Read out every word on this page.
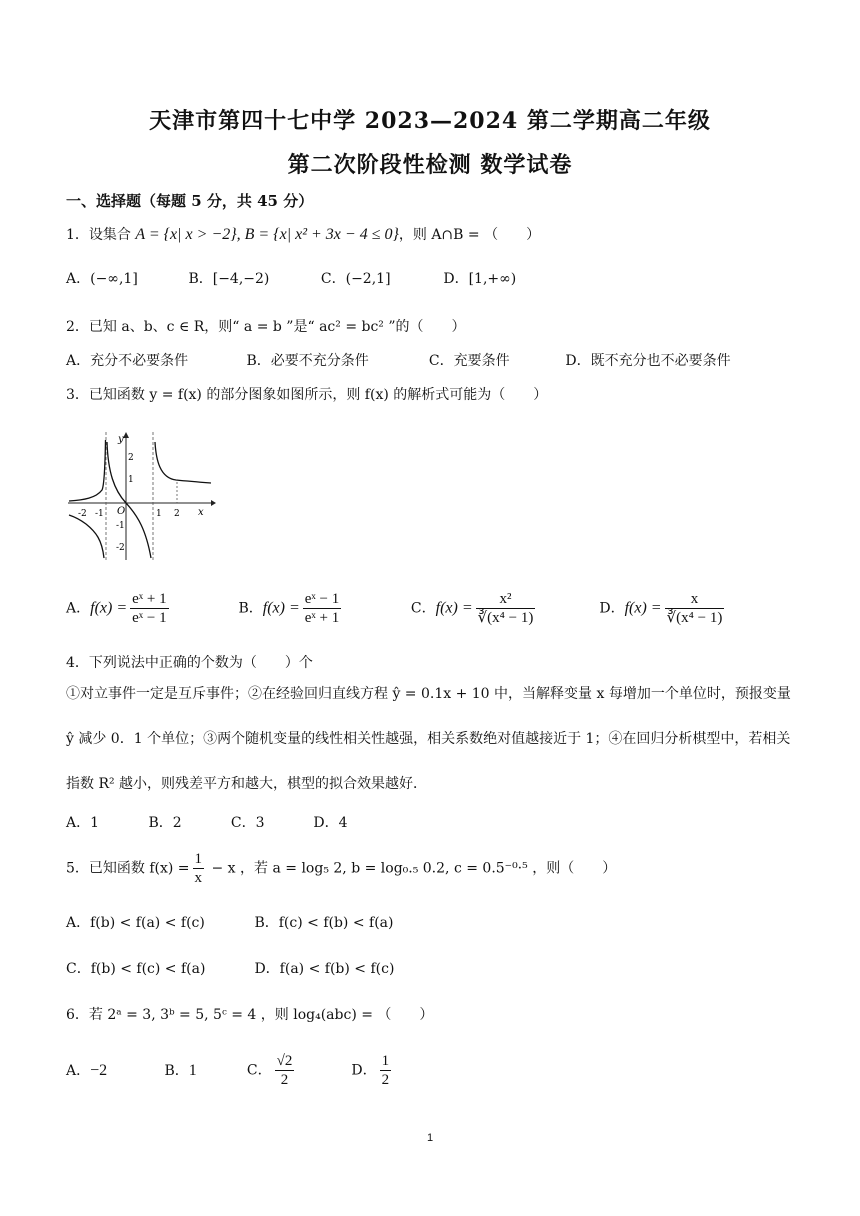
天津市第四十七中学 2023—2024 第二学期高二年级
第二次阶段性检测 数学试卷
一、选择题（每题 5 分，共 45 分）
1．设集合 A = {x| x > −2}, B = {x| x² + 3x − 4 ≤ 0}，则 A∩B = （　　）
A．(−∞,1]	B．[−4,−2)	C．(−2,1]	D．[1,+∞)
2．已知 a、b、c ∈ R，则“ a = b ”是“ ac² = bc² ”的（　　）
A．充分不必要条件	B．必要不充分条件	C．充要条件	D．既不充分也不必要条件
3．已知函数 y = f(x) 的部分图象如图所示，则 f(x) 的解析式可能为（　　）
y
x
O
-2 -1	1 2
2
1
-1
-2
A．$f(x) = \frac{\text{eˣ + 1}}{\text{eˣ − 1}}$	B．$f(x) = \frac{\text{eˣ − 1}}{\text{eˣ + 1}}$	C．$f(x) = \frac{\text{x²}}{\text{∛(x⁴ − 1)}}$	D．$f(x) = \frac{x}{\text{∛(x⁴ − 1)}}$
4．下列说法中正确的个数为（　　）个
①对立事件一定是互斥事件；②在经验回归直线方程 ŷ = 0.1x + 10 中，当解释变量 x 每增加一个单位时，预报变量 ŷ 减少 0．1 个单位；③两个随机变量的线性相关性越强，相关系数绝对值越接近于 1；④在回归分析棋型中，若相关指数 R² 越小，则残差平方和越大，棋型的拟合效果越好．
A．1	B．2	C．3	D．4
5．已知函数 $f(x) = \frac{1}{x} - x$ ，若 a = log₅ 2, b = log₀.₅ 0.2, c = 0.5⁻⁰·⁵ ，则（　　）
A．f(b) < f(a) < f(c)	B．f(c) < f(b) < f(a)
C．f(b) < f(c) < f(a)	D．f(a) < f(b) < f(c)
6．若 2ᵃ = 3, 3ᵇ = 5, 5ᶜ = 4 ，则 log₄(abc) = （　　）
A．−2	B．1	C． $\frac{√2}{2}$	D． $\frac{1}{2}$
1
